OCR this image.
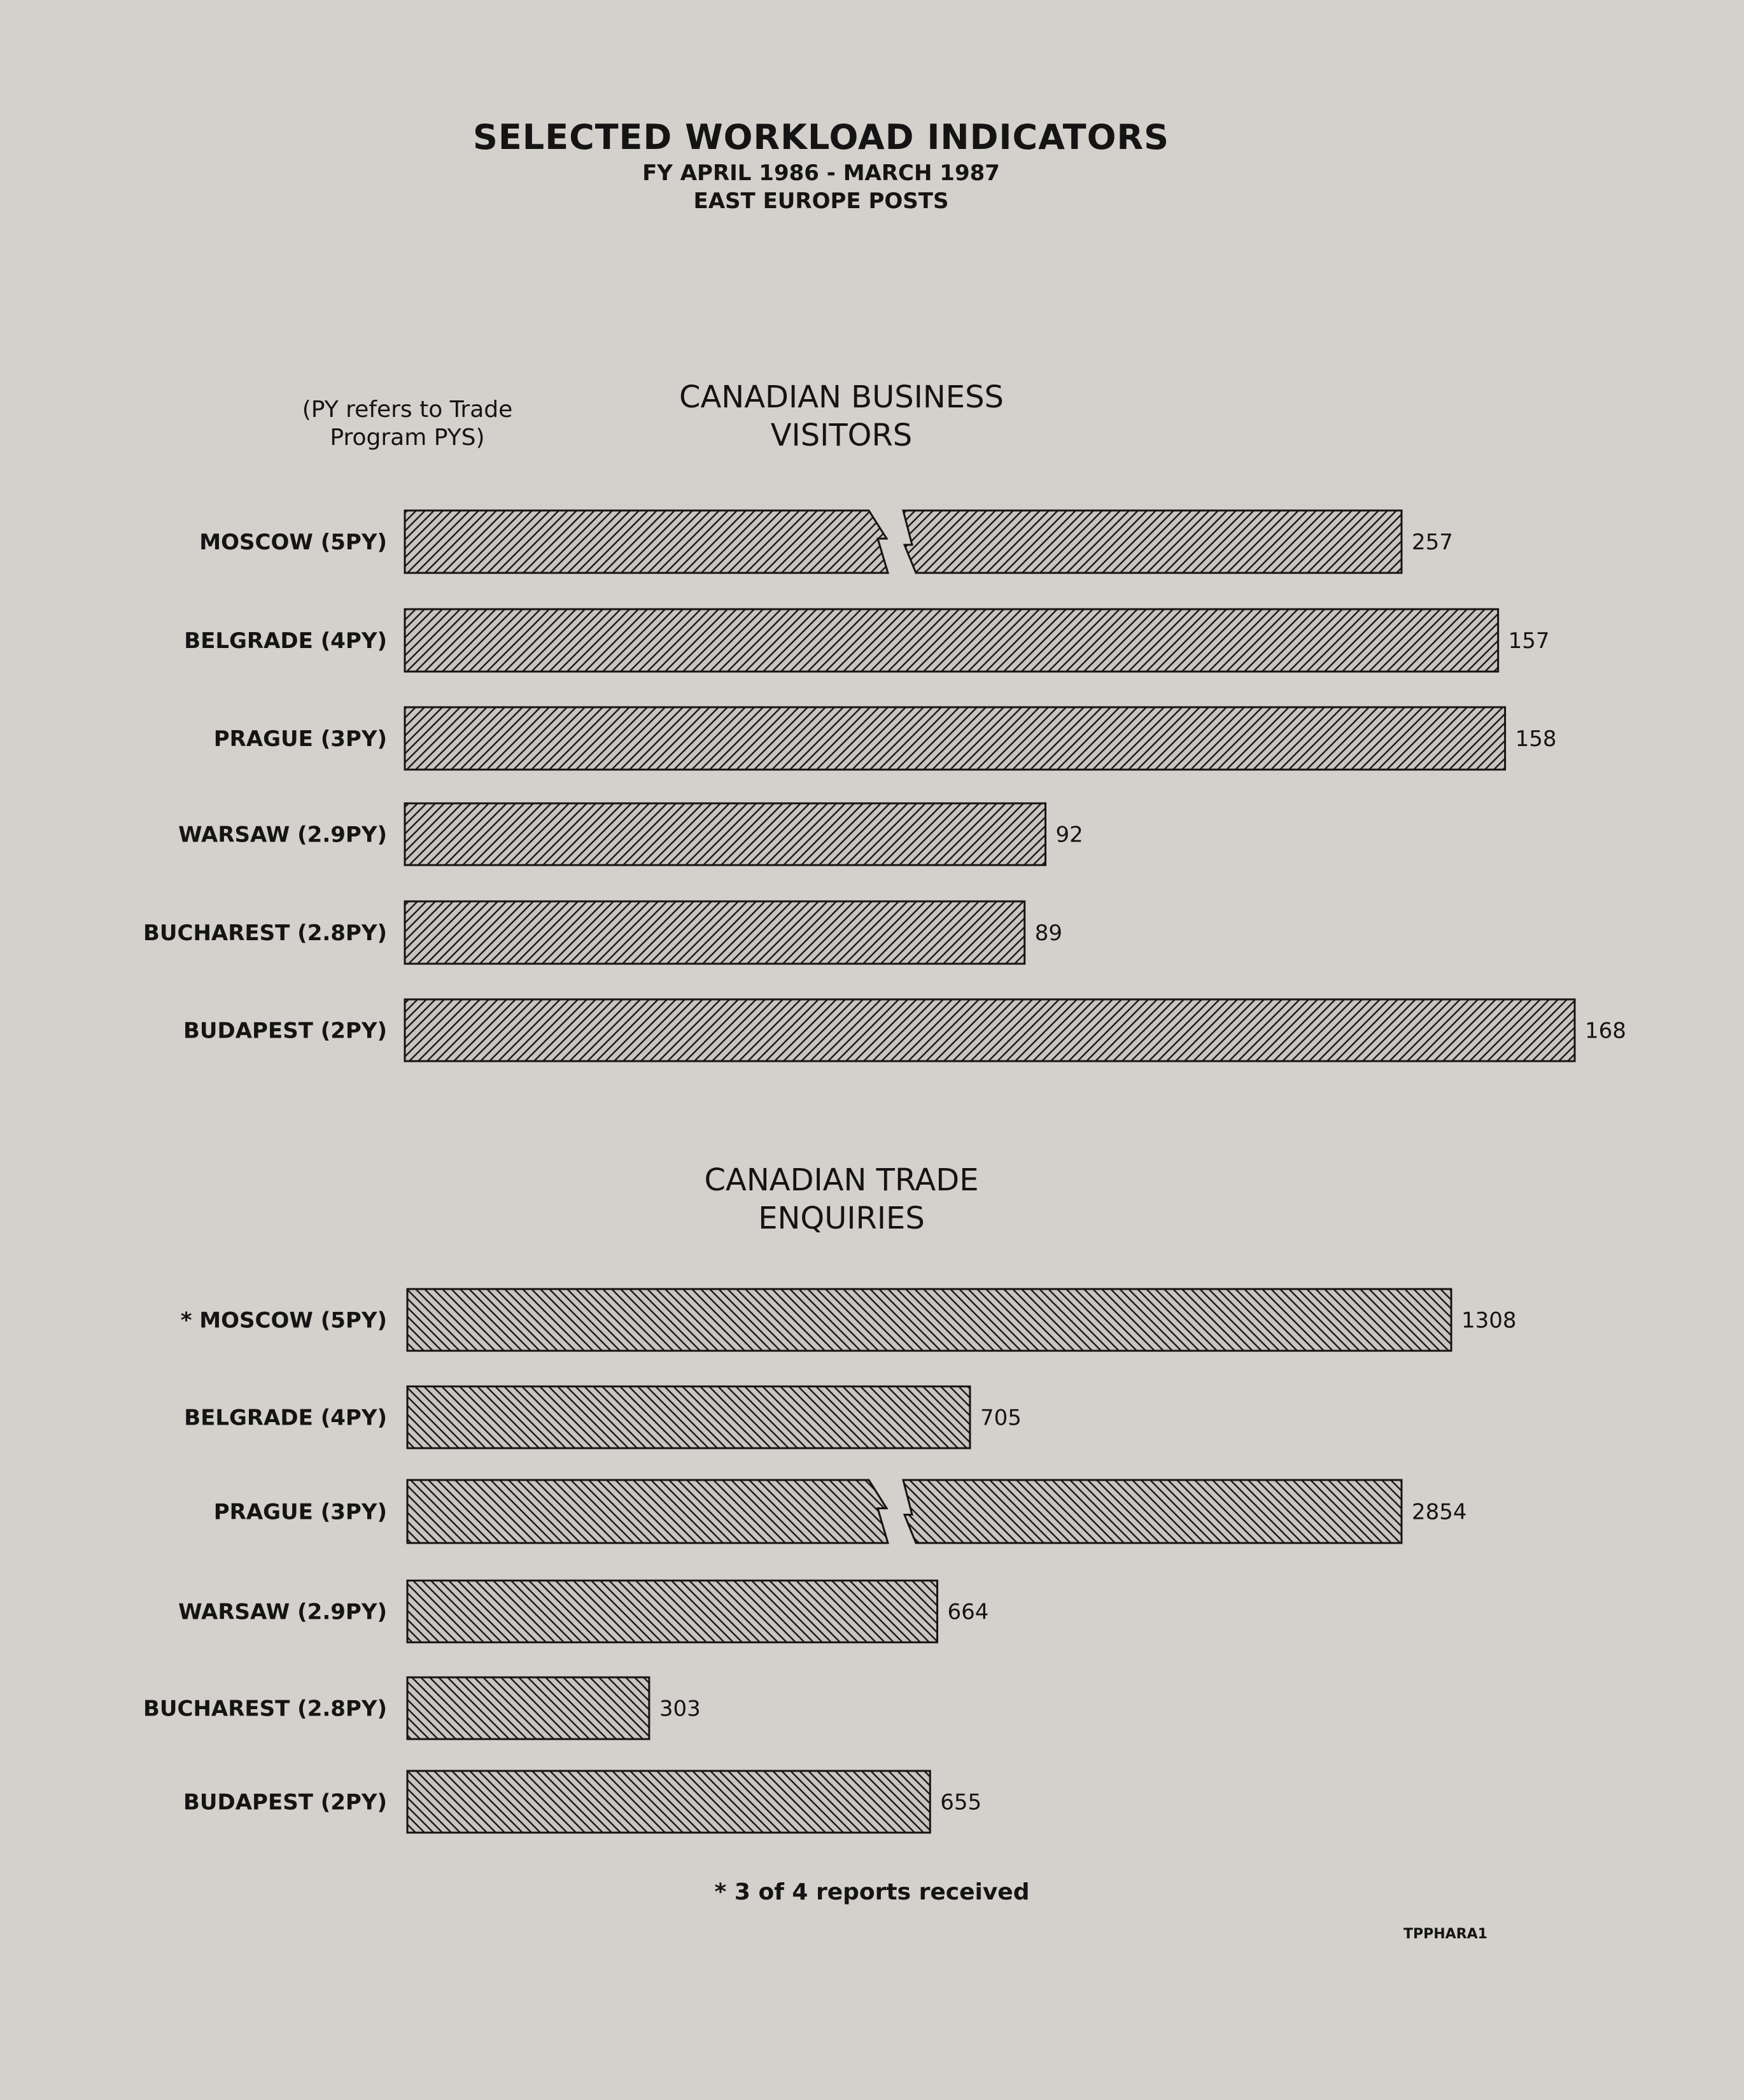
SELECTED WORKLOAD INDICATORS
FY APRIL 1986 - MARCH 1987
EAST EUROPE POSTS
(PY refers to Trade
Program PYS)
CANADIAN BUSINESS
VISITORS
MOSCOW (5PY)	257
BELGRADE (4PY)	157
PRAGUE (3PY)	158
WARSAW (2.9PY)	92
BUCHAREST (2.8PY)	89
BUDAPEST (2PY)	168
CANADIAN TRADE
ENQUIRIES
* MOSCOW (5PY)	1308
BELGRADE (4PY)	705
PRAGUE (3PY)	2854
WARSAW (2.9PY)	664
BUCHAREST (2.8PY)	303
BUDAPEST (2PY)	655
* 3 of 4 reports received
TPPHARA1
